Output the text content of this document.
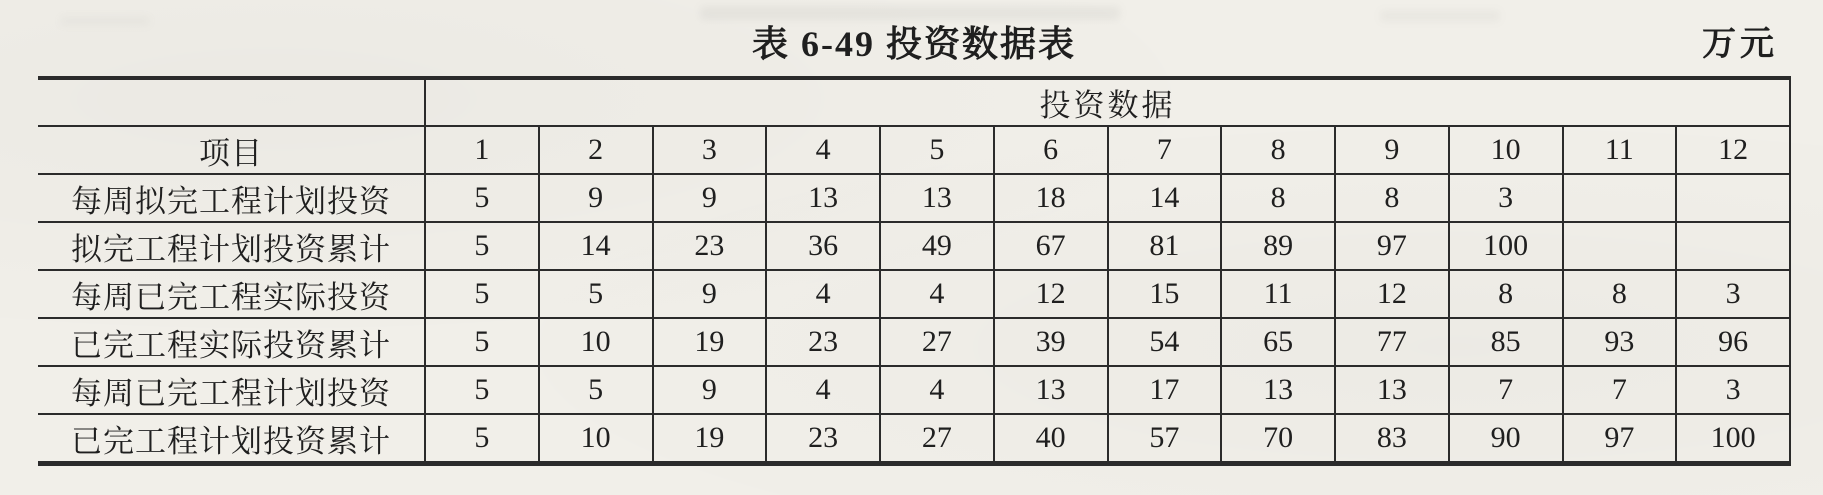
表 6-49 投资数据表	万元
	投资数据											
项目	1	2	3	4	5	6	7	8	9	10	11	12
每周拟完工程计划投资	5	9	9	13	13	18	14	8	8	3		
拟完工程计划投资累计	5	14	23	36	49	67	81	89	97	100		
每周已完工程实际投资	5	5	9	4	4	12	15	11	12	8	8	3
已完工程实际投资累计	5	10	19	23	27	39	54	65	77	85	93	96
每周已完工程计划投资	5	5	9	4	4	13	17	13	13	7	7	3
已完工程计划投资累计	5	10	19	23	27	40	57	70	83	90	97	100
